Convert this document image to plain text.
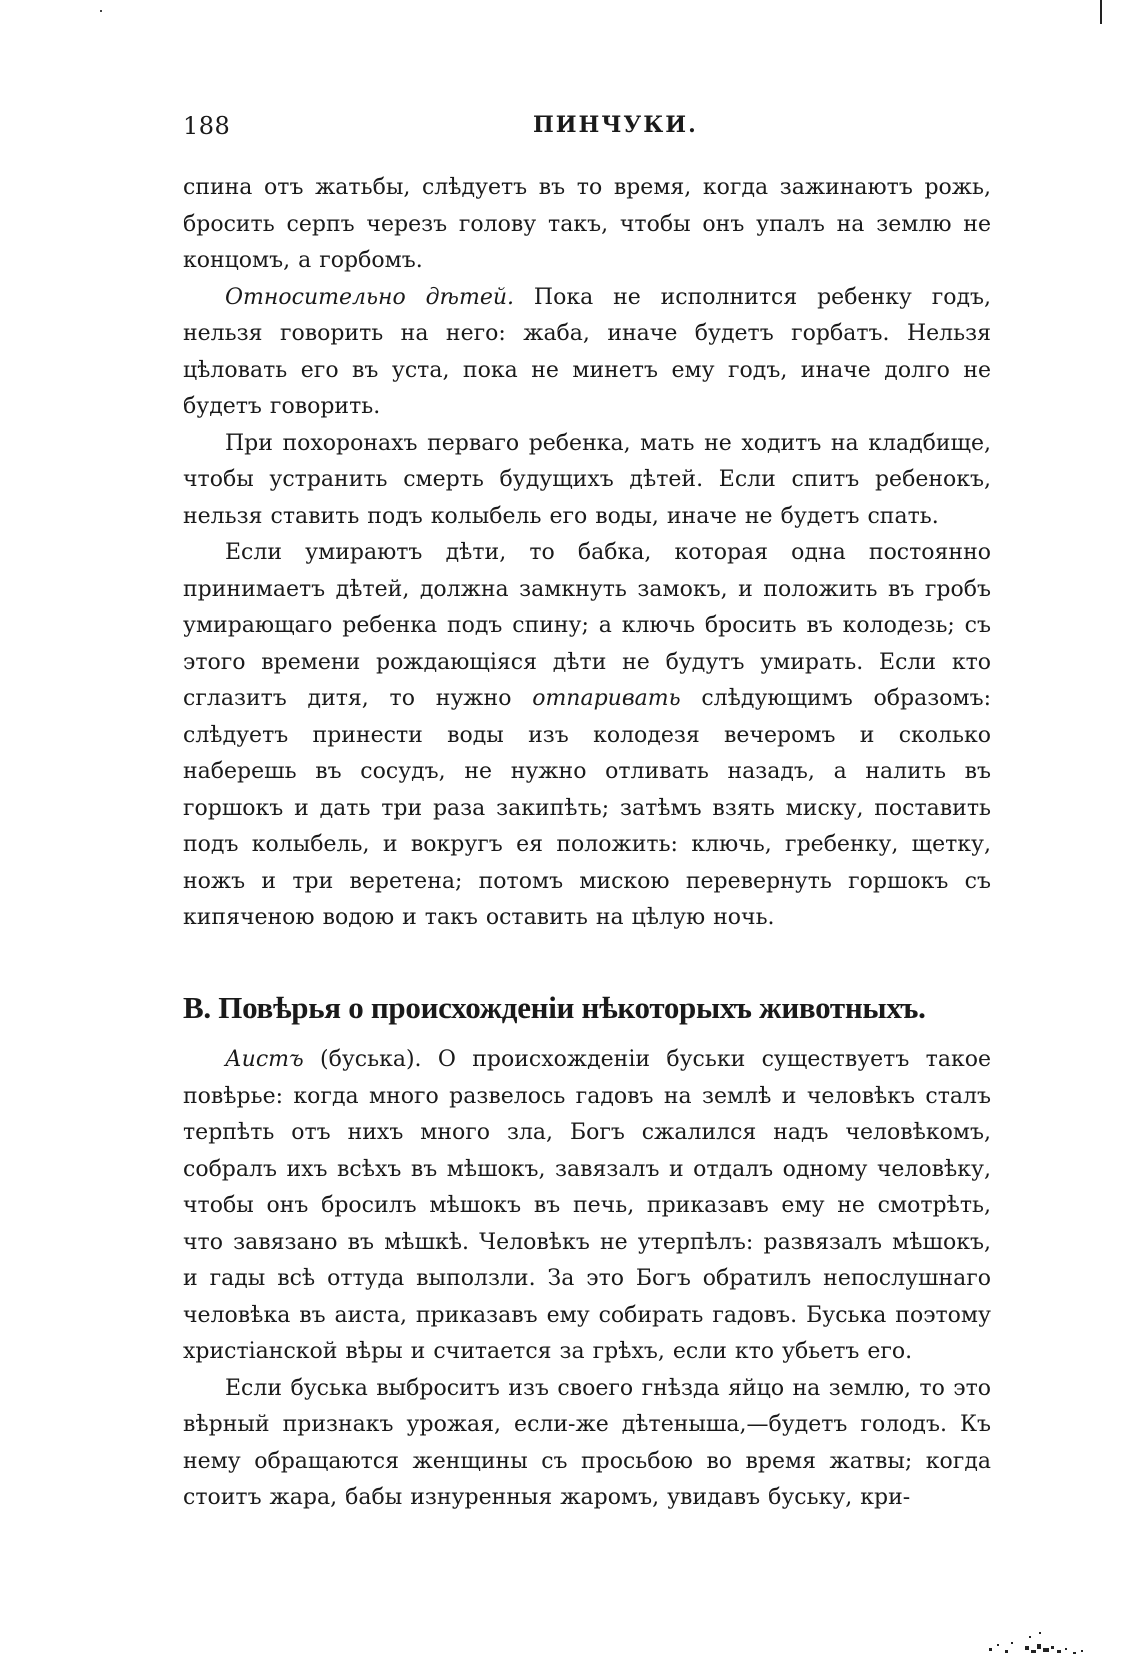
188	ПИНЧУКИ.

спина отъ жатьбы, слѣдуетъ въ то время, когда зажинаютъ рожь, бросить серпъ черезъ голову такъ, чтобы онъ упалъ на землю не концомъ, а горбомъ.

Относительно дѣтей. Пока не исполнится ребенку годъ, нельзя говорить на него: жаба, иначе будетъ горбатъ. Нельзя цѣловать его въ уста, пока не минетъ ему годъ, иначе долго не будетъ говорить.

При похоронахъ перваго ребенка, мать не ходитъ на кладбище, чтобы устранить смерть будущихъ дѣтей. Если спитъ ребенокъ, нельзя ставить подъ колыбель его воды, иначе не будетъ спать.

Если умираютъ дѣти, то бабка, которая одна постоянно принимаетъ дѣтей, должна замкнуть замокъ, и положить въ гробъ умирающаго ребенка подъ спину; а ключь бросить въ колодезь; съ этого времени рождающіяся дѣти не будутъ умирать. Если кто сглазитъ дитя, то нужно отпаривать слѣдующимъ образомъ: слѣдуетъ принести воды изъ колодезя вечеромъ и сколько наберешь въ сосудъ, не нужно отливать назадъ, а налить въ горшокъ и дать три раза закипѣть; затѣмъ взять миску, поставить подъ колыбель, и вокругъ ея положить: ключь, гребенку, щетку, ножъ и три веретена; потомъ мискою перевернуть горшокъ съ кипяченою водою и такъ оставить на цѣлую ночь.

В. Повѣрья о происхожденіи нѣкоторыхъ животныхъ.

Аистъ (буська). О происхожденіи буськи существуетъ такое повѣрье: когда много развелось гадовъ на землѣ и человѣкъ сталъ терпѣть отъ нихъ много зла, Богъ сжалился надъ человѣкомъ, собралъ ихъ всѣхъ въ мѣшокъ, завязалъ и отдалъ одному человѣку, чтобы онъ бросилъ мѣшокъ въ печь, приказавъ ему не смотрѣть, что завязано въ мѣшкѣ. Человѣкъ не утерпѣлъ: развязалъ мѣшокъ, и гады всѣ оттуда выползли. За это Богъ обратилъ непослушнаго человѣка въ аиста, приказавъ ему собирать гадовъ. Буська поэтому христіанской вѣры и считается за грѣхъ, если кто убьетъ его.

Если буська выброситъ изъ своего гнѣзда яйцо на землю, то это вѣрный признакъ урожая, если-же дѣтеныша,—будетъ голодъ. Къ нему обращаются женщины съ просьбою во время жатвы; когда стоитъ жара, бабы изнуренныя жаромъ, увидавъ буську, кри-
